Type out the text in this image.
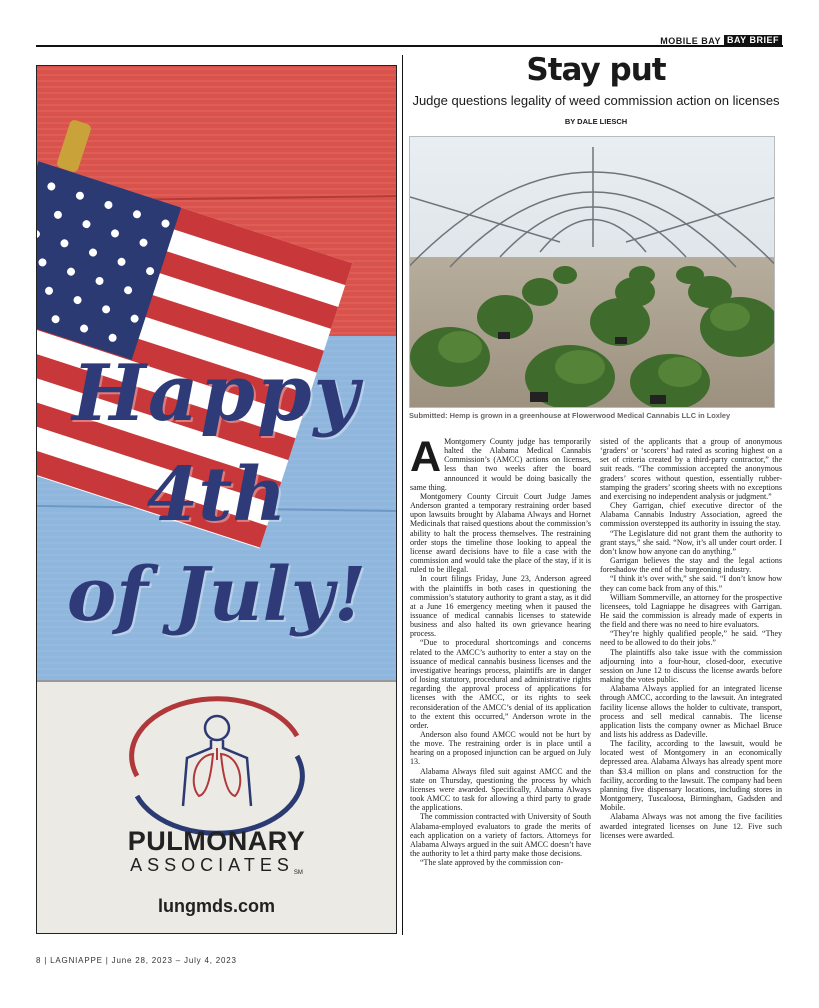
MOBILE BAY BAY BRIEF
Happy
4th
of July!
PULMONARY
ASSOCIATESSM
lungmds.com
Stay put
Judge questions legality of weed commission action on licenses
BY DALE LIESCH
Submitted: Hemp is grown in a greenhouse at Flowerwood Medical Cannabis LLC in Loxley

A Montgomery County judge has temporarily halted the Alabama Medical Cannabis Commission’s (AMCC) actions on licenses, less than two weeks after the board announced it would be doing basically the same thing.

Montgomery County Circuit Court Judge James Anderson granted a temporary restraining order based upon lawsuits brought by Alabama Always and Hornet Medicinals that raised questions about the commission’s ability to halt the process themselves. The restraining order stops the timeline those looking to appeal the license award decisions have to file a case with the commission and would take the place of the stay, if it is ruled to be illegal.

In court filings Friday, June 23, Anderson agreed with the plaintiffs in both cases in questioning the commission’s statutory authority to grant a stay, as it did at a June 16 emergency meeting when it paused the issuance of medical cannabis licenses to statewide business and also halted its own grievance hearing process.

“Due to procedural shortcomings and concerns related to the AMCC’s authority to enter a stay on the issuance of medical cannabis business licenses and the investigative hearings process, plaintiffs are in danger of losing statutory, procedural and administrative rights regarding the approval process of applications for licenses with the AMCC, or its rights to seek reconsideration of the AMCC’s denial of its application to the extent this occurred,” Anderson wrote in the order.

Anderson also found AMCC would not be hurt by the move. The restraining order is in place until a hearing on a proposed injunction can be argued on July 13.

Alabama Always filed suit against AMCC and the state on Thursday, questioning the process by which licenses were awarded. Specifically, Alabama Always took AMCC to task for allowing a third party to grade the applications.

The commission contracted with University of South Alabama-employed evaluators to grade the merits of each application on a variety of factors. Attorneys for Alabama Always argued in the suit AMCC doesn’t have the authority to let a third party make those decisions.

“The slate approved by the commission con-

sisted of the applicants that a group of anonymous ‘graders’ or ‘scorers’ had rated as scoring highest on a set of criteria created by a third-party contractor,” the suit reads. “The commission accepted the anonymous graders’ scores without question, essentially rubber-stamping the graders’ scoring sheets with no exceptions and exercising no independent analysis or judgment.”

Chey Garrigan, chief executive director of the Alabama Cannabis Industry Association, agreed the commission overstepped its authority in issuing the stay.

“The Legislature did not grant them the authority to grant stays,” she said. “Now, it’s all under court order. I don’t know how anyone can do anything.”

Garrigan believes the stay and the legal actions foreshadow the end of the burgeoning industry.

“I think it’s over with,” she said. “I don’t know how they can come back from any of this.”

William Sommerville, an attorney for the prospective licensees, told Lagniappe he disagrees with Garrigan. He said the commission is already made of experts in the field and there was no need to hire evaluators.

“They’re highly qualified people,” he said. “They need to be allowed to do their jobs.”

The plaintiffs also take issue with the commission adjourning into a four-hour, closed-door, executive session on June 12 to discuss the license awards before making the votes public.

Alabama Always applied for an integrated license through AMCC, according to the lawsuit. An integrated facility license allows the holder to cultivate, transport, process and sell medical cannabis. The license application lists the company owner as Michael Bruce and lists his address as Dadeville.

The facility, according to the lawsuit, would be located west of Montgomery in an economically depressed area. Alabama Always has already spent more than $3.4 million on plans and construction for the facility, according to the lawsuit. The company had been planning five dispensary locations, including stores in Montgomery, Tuscaloosa, Birmingham, Gadsden and Mobile.

Alabama Always was not among the five facilities awarded integrated licenses on June 12. Five such licenses were awarded.

8 | LAGNIAPPE | June 28, 2023 – July 4, 2023
